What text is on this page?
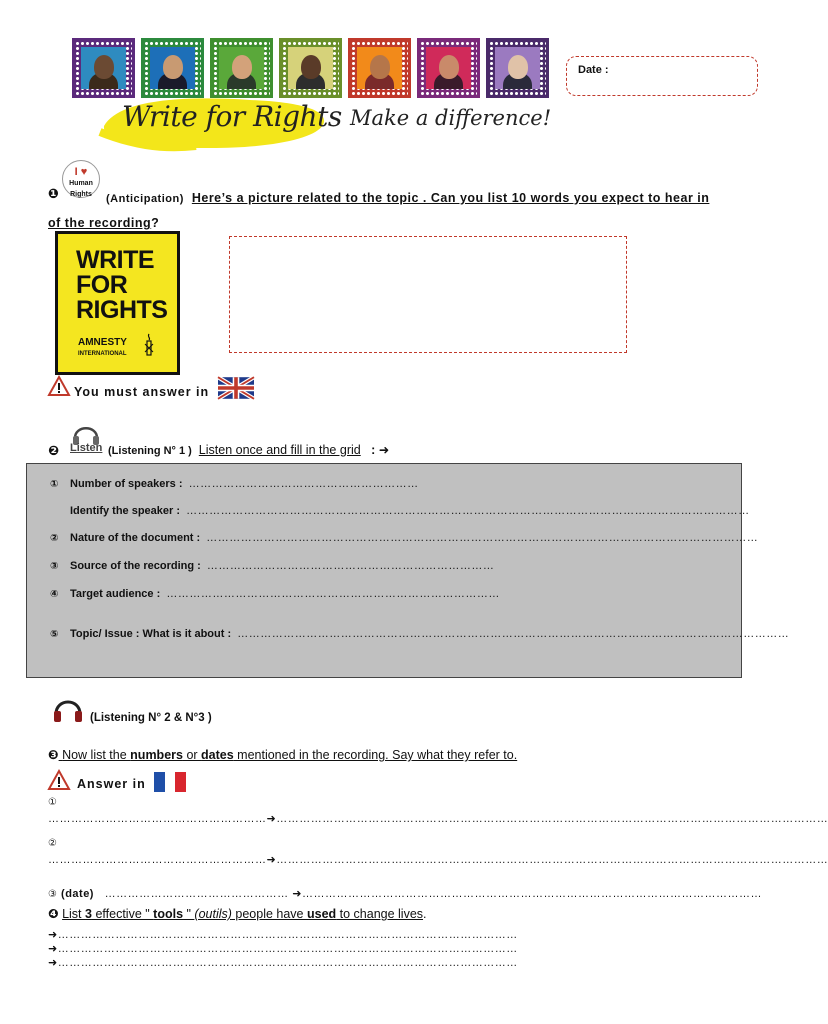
Write for Rights Make a difference!
Date :
❶
I ♥
Human
Rights	(Anticipation) Here’s a picture related to the topic . Can you list 10 words you expect to hear in of the recording?
WRITE FOR RIGHTS
AMNESTY
INTERNATIONAL
You must answer in
❷ Listen (Listening N° 1 ) Listen once and fill in the grid : ➜
① Number of speakers : ……………………………………………………
Identify the speaker : …………………………………………………………………………………………………………………………………
② Nature of the document : ………………………………………………………………………………………………………………………………
③ Source of the recording : …………………………………………………………………
④ Target audience : ……………………………………………………………………………
⑤ Topic/ Issue : What is it about : ………………………………………………………………………………………………………………………………
(Listening N° 2 & N°3 )
❸ Now list the numbers or dates mentioned in the recording. Say what they refer to.
Answer in
①
…………………………………………………➜………………………………………………………………………………………………………………………………
②
…………………………………………………➜………………………………………………………………………………………………………………………………
③ (date) ………………………………………… ➜…………………………………………………………………………………………………………
❹ List 3 effective " tools " (outils) people have used to change lives.
➜…………………………………………………………………………………………………………
➜…………………………………………………………………………………………………………
➜…………………………………………………………………………………………………………
